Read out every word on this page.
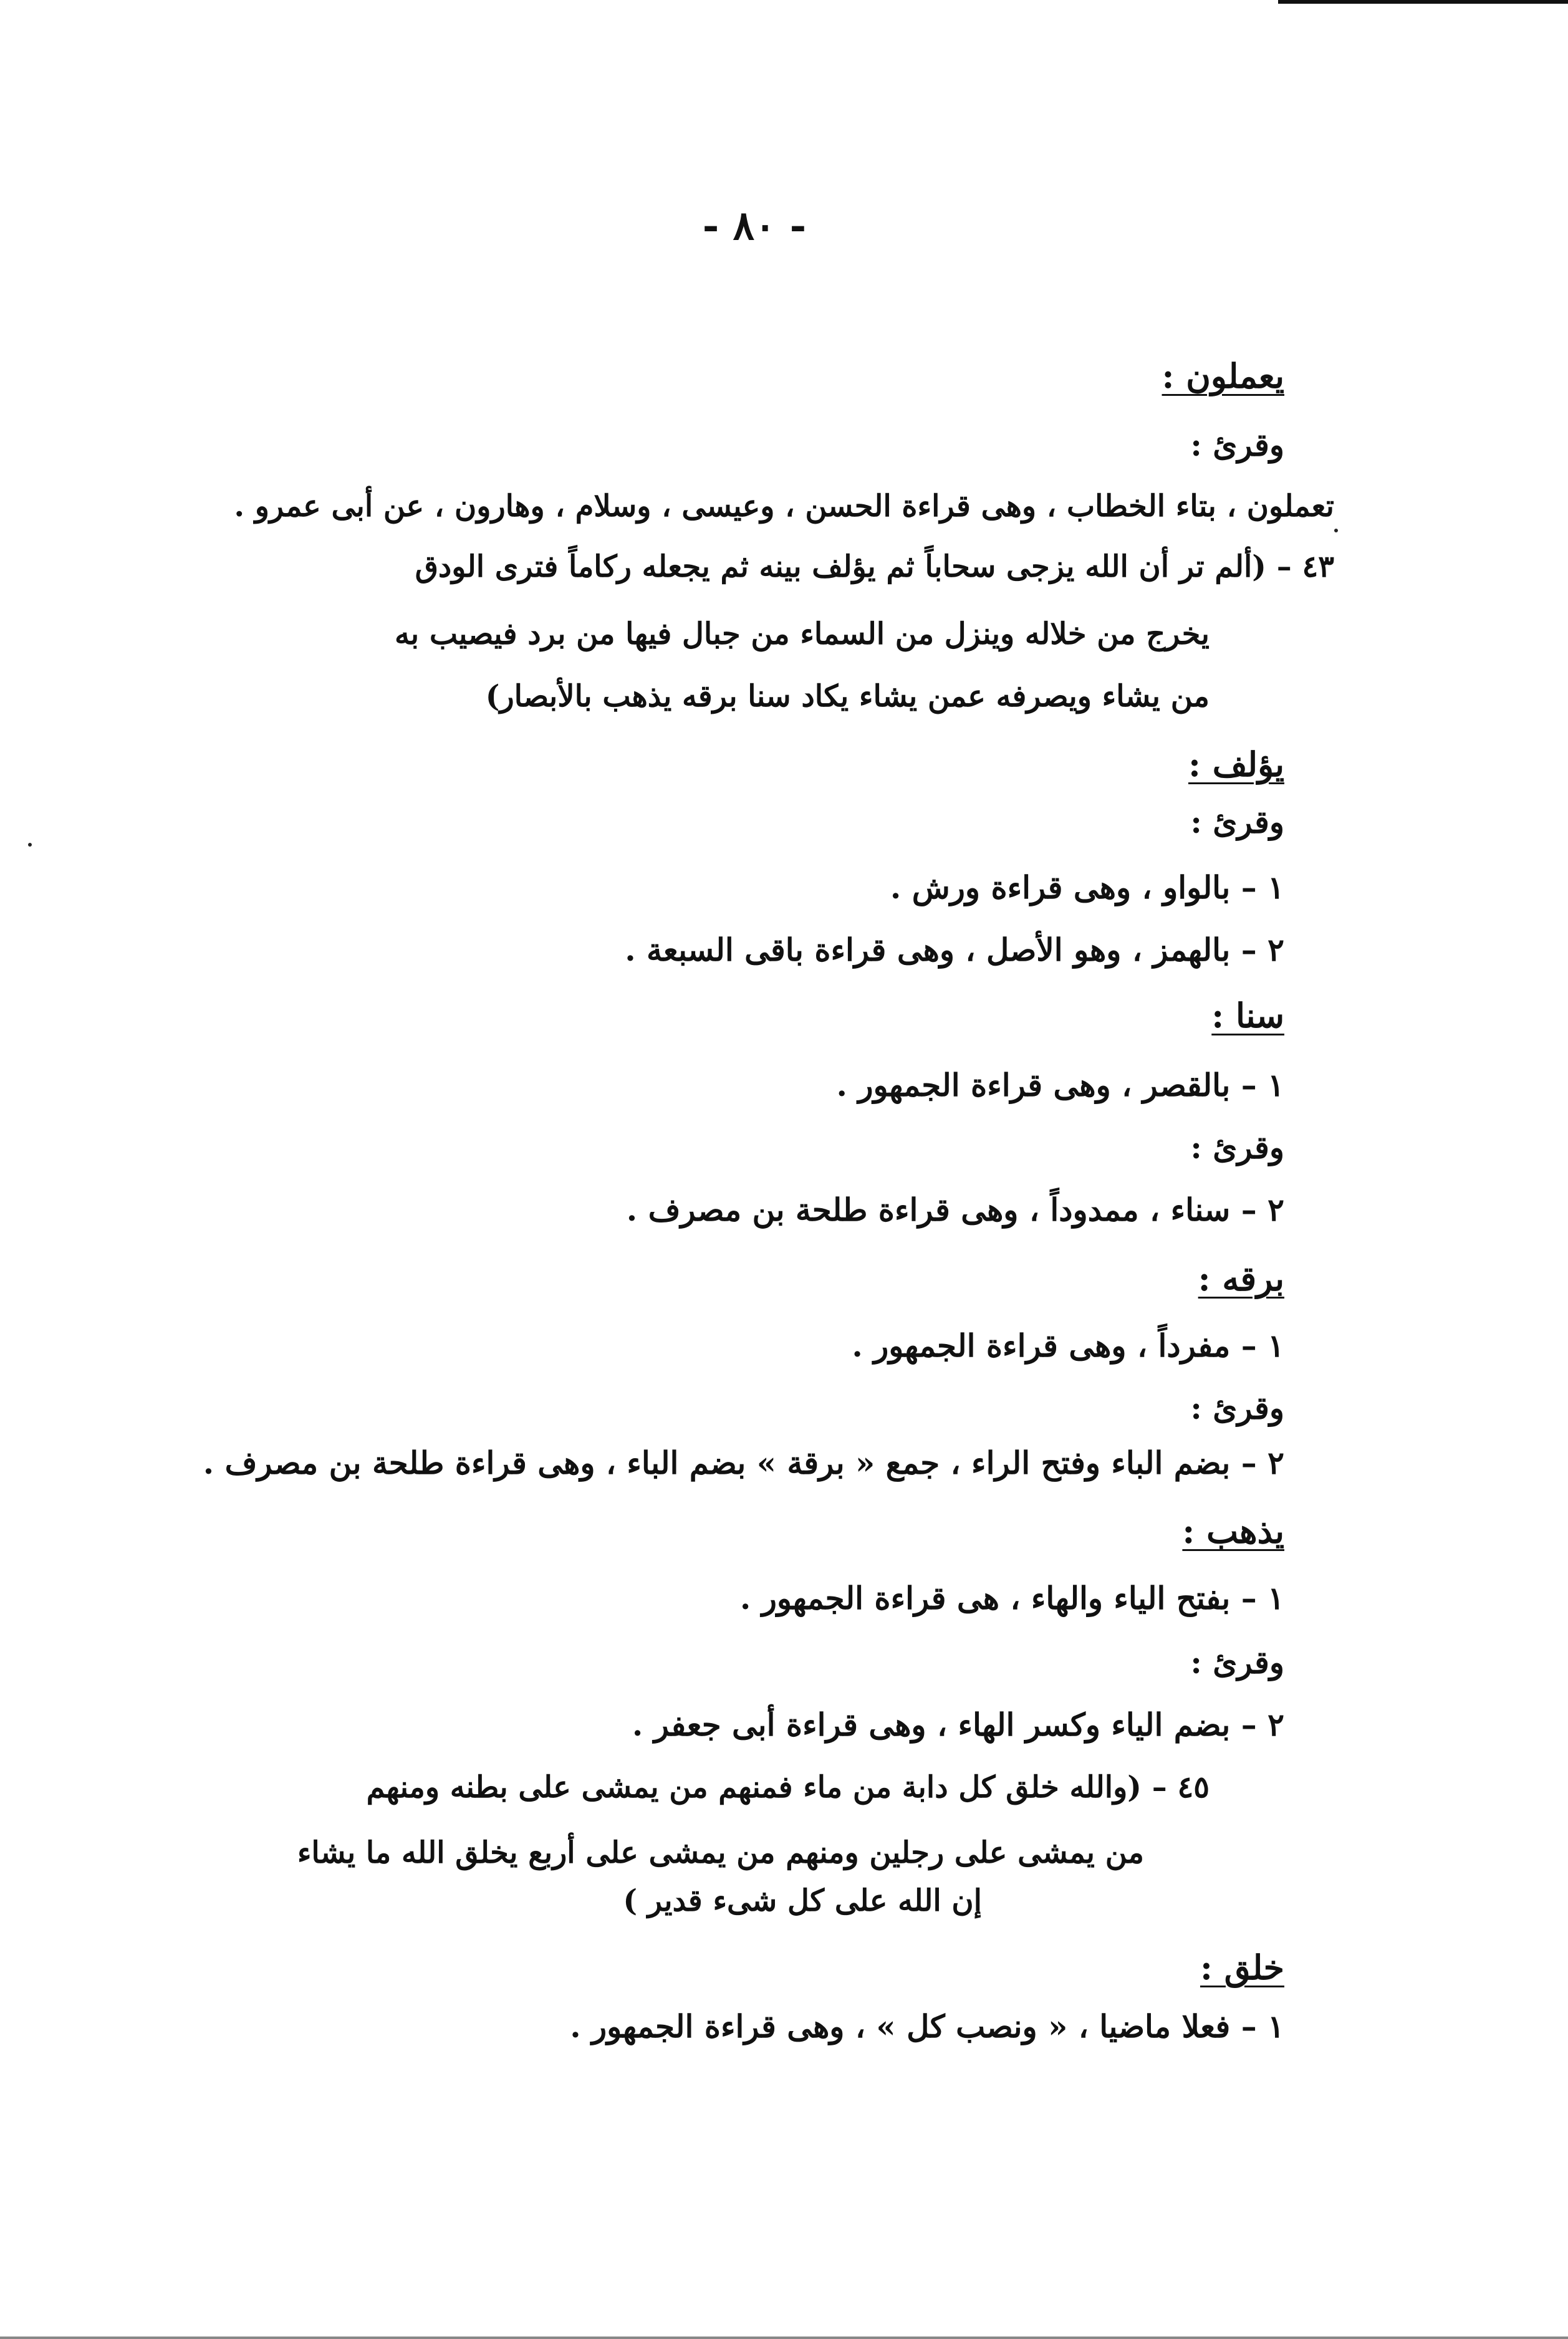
- ٨٠ -
يعملون :
وقرئ :
تعملون ، بتاء الخطاب ، وهى قراءة الحسن ، وعيسى ، وسلام ، وهارون ، عن أبى عمرو .
٤٣ – (ألم تر أن الله يزجى سحاباً ثم يؤلف بينه ثم يجعله ركاماً فترى الودق
يخرج من خلاله وينزل من السماء من جبال فيها من برد فيصيب به
من يشاء ويصرفه عمن يشاء يكاد سنا برقه يذهب بالأبصار)
يؤلف :
وقرئ :
١ – بالواو ، وهى قراءة ورش .
٢ – بالهمز ، وهو الأصل ، وهى قراءة باقى السبعة .
سنا :
١ – بالقصر ، وهى قراءة الجمهور .
وقرئ :
٢ – سناء ، ممدوداً ، وهى قراءة طلحة بن مصرف .
برقه :
١ – مفرداً ، وهى قراءة الجمهور .
وقرئ :
٢ – بضم الباء وفتح الراء ، جمع « برقة » بضم الباء ، وهى قراءة طلحة بن مصرف .
يذهب :
١ – بفتح الياء والهاء ، هى قراءة الجمهور .
وقرئ :
٢ – بضم الياء وكسر الهاء ، وهى قراءة أبى جعفر .
٤٥ – (والله خلق كل دابة من ماء فمنهم من يمشى على بطنه ومنهم
من يمشى على رجلين ومنهم من يمشى على أربع يخلق الله ما يشاء
إن الله على كل شىء قدير )
خلق :
١ – فعلا ماضيا ، « ونصب كل » ، وهى قراءة الجمهور .
